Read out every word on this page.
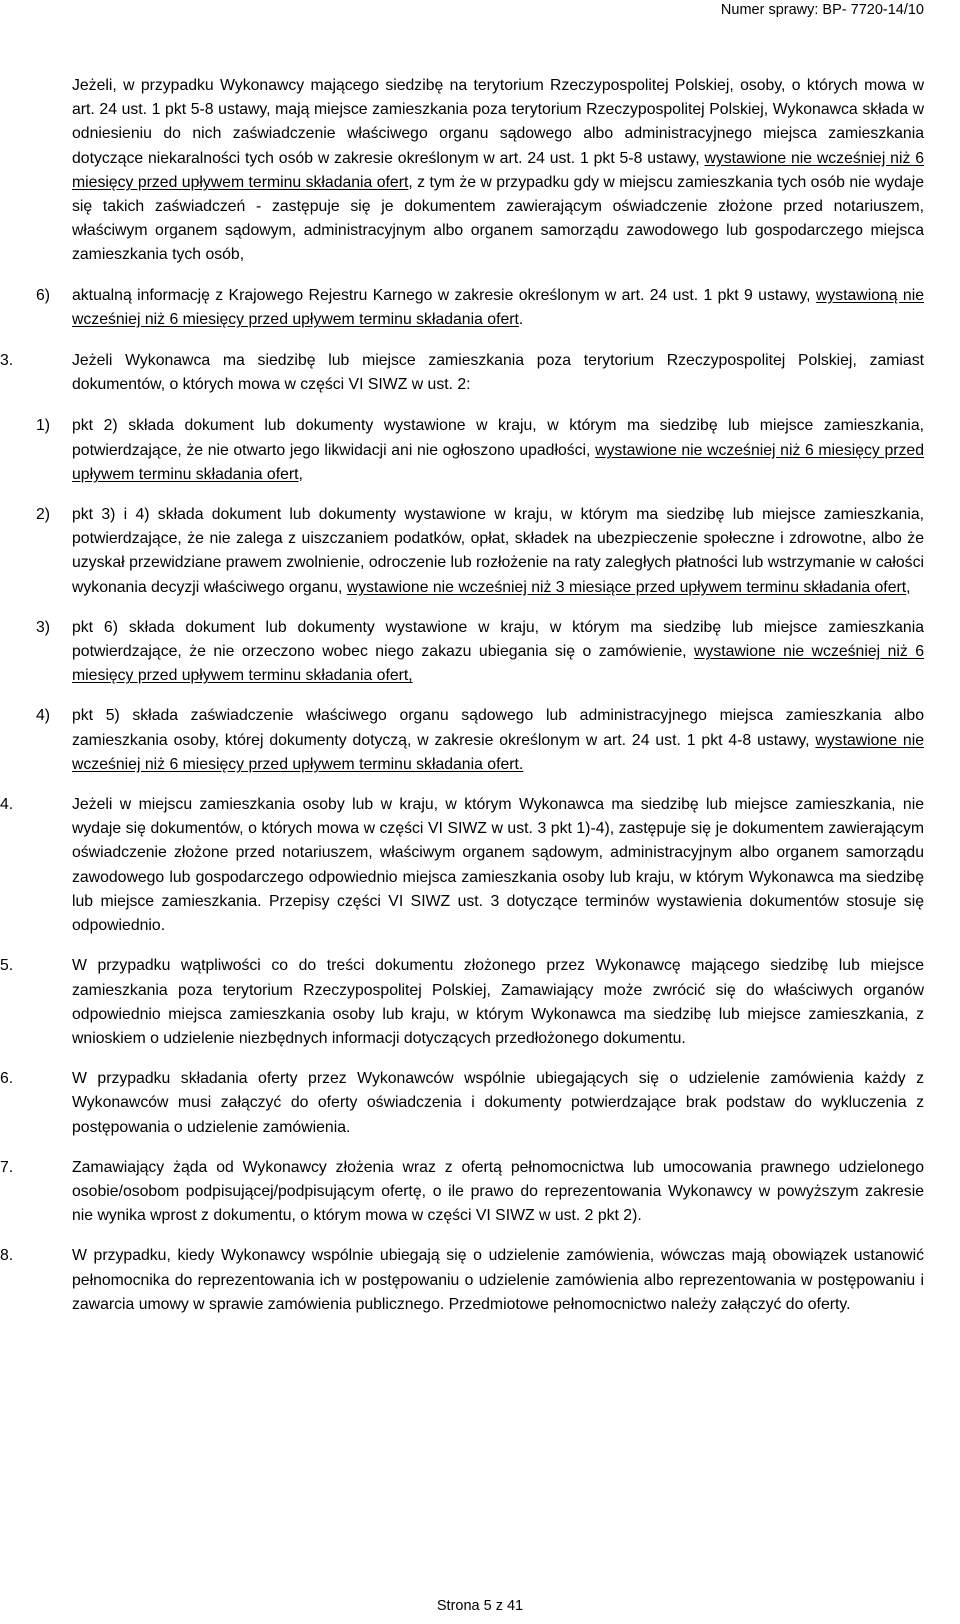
Numer sprawy: BP- 7720-14/10

Jeżeli, w przypadku Wykonawcy mającego siedzibę na terytorium Rzeczypospolitej Polskiej, osoby, o których mowa w art. 24 ust. 1 pkt 5-8 ustawy, mają miejsce zamieszkania poza terytorium Rzeczypospolitej Polskiej, Wykonawca składa w odniesieniu do nich zaświadczenie właściwego organu sądowego albo administracyjnego miejsca zamieszkania dotyczące niekaralności tych osób w zakresie określonym w art. 24 ust. 1 pkt 5-8 ustawy, wystawione nie wcześniej niż 6 miesięcy przed upływem terminu składania ofert, z tym że w przypadku gdy w miejscu zamieszkania tych osób nie wydaje się takich zaświadczeń - zastępuje się je dokumentem zawierającym oświadczenie złożone przed notariuszem, właściwym organem sądowym, administracyjnym albo organem samorządu zawodowego lub gospodarczego miejsca zamieszkania tych osób,

6) aktualną informację z Krajowego Rejestru Karnego w zakresie określonym w art. 24 ust. 1 pkt 9 ustawy, wystawioną nie wcześniej niż 6 miesięcy przed upływem terminu składania ofert.
3.	Jeżeli Wykonawca ma siedzibę lub miejsce zamieszkania poza terytorium Rzeczypospolitej Polskiej, zamiast dokumentów, o których mowa w części VI SIWZ w ust. 2:
1) pkt 2) składa dokument lub dokumenty wystawione w kraju, w którym ma siedzibę lub miejsce zamieszkania, potwierdzające, że nie otwarto jego likwidacji ani nie ogłoszono upadłości, wystawione nie wcześniej niż 6 miesięcy przed upływem terminu składania ofert,
2) pkt 3) i 4) składa dokument lub dokumenty wystawione w kraju, w którym ma siedzibę lub miejsce zamieszkania, potwierdzające, że nie zalega z uiszczaniem podatków, opłat, składek na ubezpieczenie społeczne i zdrowotne, albo że uzyskał przewidziane prawem zwolnienie, odroczenie lub rozłożenie na raty zaległych płatności lub wstrzymanie w całości wykonania decyzji właściwego organu, wystawione nie wcześniej niż 3 miesiące przed upływem terminu składania ofert,
3) pkt 6) składa dokument lub dokumenty wystawione w kraju, w którym ma siedzibę lub miejsce zamieszkania potwierdzające, że nie orzeczono wobec niego zakazu ubiegania się o zamówienie, wystawione nie wcześniej niż 6 miesięcy przed upływem terminu składania ofert,
4) pkt 5) składa zaświadczenie właściwego organu sądowego lub administracyjnego miejsca zamieszkania albo zamieszkania osoby, której dokumenty dotyczą, w zakresie określonym w art. 24 ust. 1 pkt 4-8 ustawy, wystawione nie wcześniej niż 6 miesięcy przed upływem terminu składania ofert.
4.	Jeżeli w miejscu zamieszkania osoby lub w kraju, w którym Wykonawca ma siedzibę lub miejsce zamieszkania, nie wydaje się dokumentów, o których mowa w części VI SIWZ w ust. 3 pkt 1)-4), zastępuje się je dokumentem zawierającym oświadczenie złożone przed notariuszem, właściwym organem sądowym, administracyjnym albo organem samorządu zawodowego lub gospodarczego odpowiednio miejsca zamieszkania osoby lub kraju, w którym Wykonawca ma siedzibę lub miejsce zamieszkania. Przepisy części VI SIWZ ust. 3 dotyczące terminów wystawienia dokumentów stosuje się odpowiednio.
5.	W przypadku wątpliwości co do treści dokumentu złożonego przez Wykonawcę mającego siedzibę lub miejsce zamieszkania poza terytorium Rzeczypospolitej Polskiej, Zamawiający może zwrócić się do właściwych organów odpowiednio miejsca zamieszkania osoby lub kraju, w którym Wykonawca ma siedzibę lub miejsce zamieszkania, z wnioskiem o udzielenie niezbędnych informacji dotyczących przedłożonego dokumentu.
6.	W przypadku składania oferty przez Wykonawców wspólnie ubiegających się o udzielenie zamówienia każdy z Wykonawców musi załączyć do oferty oświadczenia i dokumenty potwierdzające brak podstaw do wykluczenia z postępowania o udzielenie zamówienia.
7.	Zamawiający żąda od Wykonawcy złożenia wraz z ofertą pełnomocnictwa lub umocowania prawnego udzielonego osobie/osobom podpisującej/podpisującym ofertę, o ile prawo do reprezentowania Wykonawcy w powyższym zakresie nie wynika wprost z dokumentu, o którym mowa w części VI SIWZ w ust. 2 pkt 2).
8.	W przypadku, kiedy Wykonawcy wspólnie ubiegają się o udzielenie zamówienia, wówczas mają obowiązek ustanowić pełnomocnika do reprezentowania ich w postępowaniu o udzielenie zamówienia albo reprezentowania w postępowaniu i zawarcia umowy w sprawie zamówienia publicznego. Przedmiotowe pełnomocnictwo należy załączyć do oferty.
Strona 5 z 41
